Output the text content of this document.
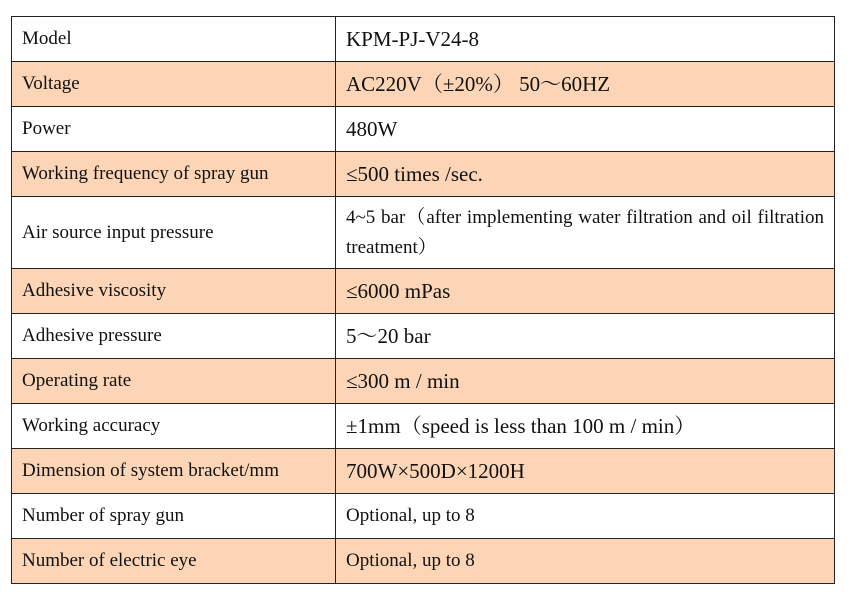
Model	KPM-PJ-V24-8
Voltage	AC220V（±20%） 50～60HZ
Power	480W
Working frequency of spray gun	≤500 times /sec.
Air source input pressure	4~5 bar（after implementing water filtration and oil filtration treatment）
Adhesive viscosity	≤6000 mPas
Adhesive pressure	5～20 bar
Operating rate	≤300 m / min
Working accuracy	±1mm（speed is less than 100 m / min）
Dimension of system bracket/mm	700W×500D×1200H
Number of spray gun	Optional, up to 8
Number of electric eye	Optional, up to 8
